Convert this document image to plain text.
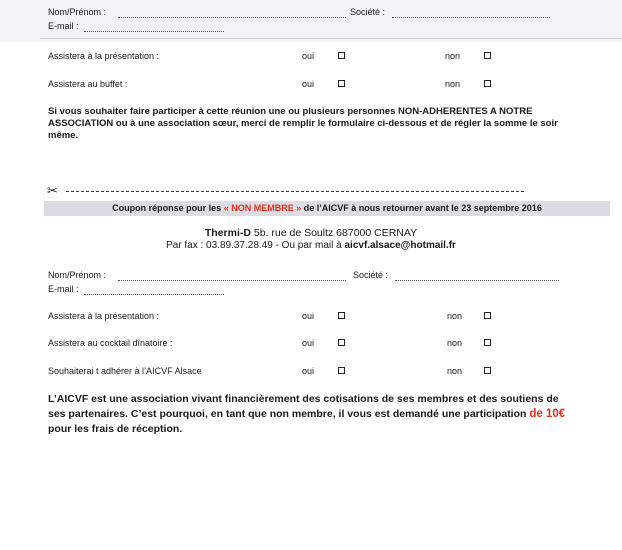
Nom/Prénom :	Société :
E-mail :
Assistera à la présentation :	oui	non
Assistera au buffet :	oui	non
Si vous souhaiter faire participer à cette réunion une ou plusieurs personnes NON-ADHERENTES A NOTRE ASSOCIATION ou à une association sœur, merci de remplir le formulaire ci-dessous et de régler la somme le soir même.
✂
Coupon réponse pour les « NON MEMBRE » de l’AICVF à nous retourner avant le 23 septembre 2016
Thermi-D 5b. rue de Soultz 687000 CERNAY
Par fax : 03.89.37.28.49 - Ou par mail à aicvf.alsace@hotmail.fr
Nom/Prénom :	Société :
E-mail :
Assistera à la présentation :	oui	non
Assistera au cocktail dînatoire :	oui	non
Souhaiterai t adhérer à l’AICVF Alsace	oui	non
L’AICVF est une association vivant financièrement des cotisations de ses membres et des soutiens de ses partenaires. C’est pourquoi, en tant que non membre, il vous est demandé une participation de 10€ pour les frais de réception.
